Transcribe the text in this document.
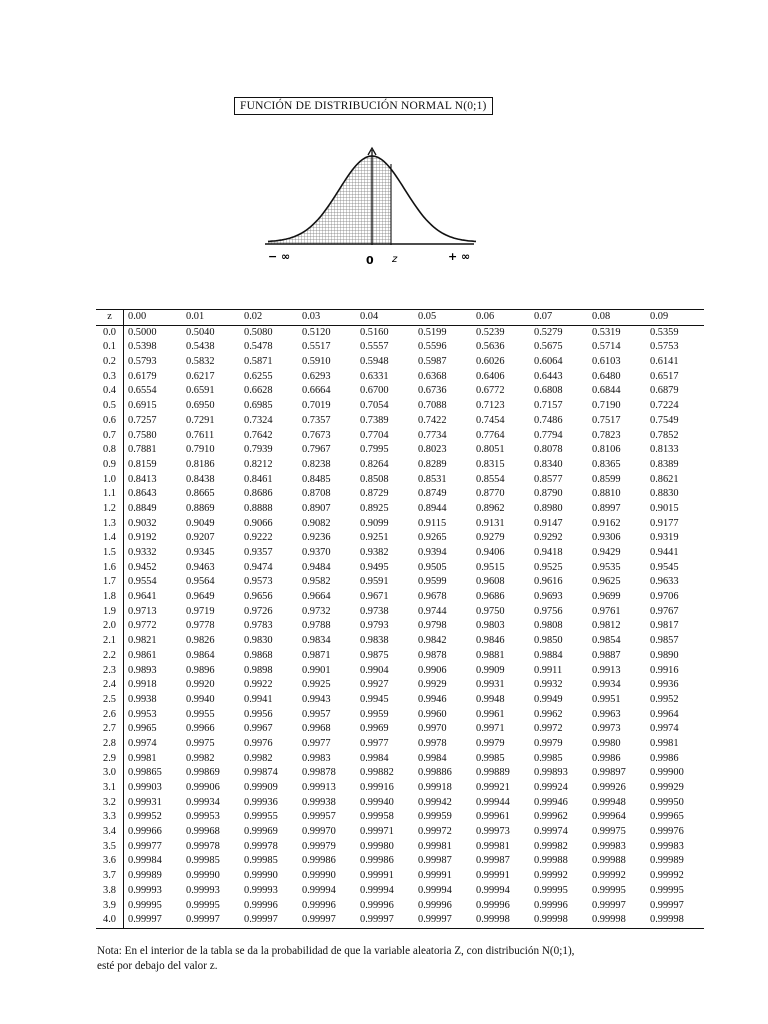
FUNCIÓN DE DISTRIBUCIÓN NORMAL N(0;1)
− ∞	0 z	+ ∞
z	0.00	0.01	0.02	0.03	0.04	0.05	0.06	0.07	0.08	0.09
0.0	0.5000	0.5040	0.5080	0.5120	0.5160	0.5199	0.5239	0.5279	0.5319	0.5359
0.1	0.5398	0.5438	0.5478	0.5517	0.5557	0.5596	0.5636	0.5675	0.5714	0.5753
0.2	0.5793	0.5832	0.5871	0.5910	0.5948	0.5987	0.6026	0.6064	0.6103	0.6141
0.3	0.6179	0.6217	0.6255	0.6293	0.6331	0.6368	0.6406	0.6443	0.6480	0.6517
0.4	0.6554	0.6591	0.6628	0.6664	0.6700	0.6736	0.6772	0.6808	0.6844	0.6879
0.5	0.6915	0.6950	0.6985	0.7019	0.7054	0.7088	0.7123	0.7157	0.7190	0.7224
0.6	0.7257	0.7291	0.7324	0.7357	0.7389	0.7422	0.7454	0.7486	0.7517	0.7549
0.7	0.7580	0.7611	0.7642	0.7673	0.7704	0.7734	0.7764	0.7794	0.7823	0.7852
0.8	0.7881	0.7910	0.7939	0.7967	0.7995	0.8023	0.8051	0.8078	0.8106	0.8133
0.9	0.8159	0.8186	0.8212	0.8238	0.8264	0.8289	0.8315	0.8340	0.8365	0.8389
1.0	0.8413	0.8438	0.8461	0.8485	0.8508	0.8531	0.8554	0.8577	0.8599	0.8621
1.1	0.8643	0.8665	0.8686	0.8708	0.8729	0.8749	0.8770	0.8790	0.8810	0.8830
1.2	0.8849	0.8869	0.8888	0.8907	0.8925	0.8944	0.8962	0.8980	0.8997	0.9015
1.3	0.9032	0.9049	0.9066	0.9082	0.9099	0.9115	0.9131	0.9147	0.9162	0.9177
1.4	0.9192	0.9207	0.9222	0.9236	0.9251	0.9265	0.9279	0.9292	0.9306	0.9319
1.5	0.9332	0.9345	0.9357	0.9370	0.9382	0.9394	0.9406	0.9418	0.9429	0.9441
1.6	0.9452	0.9463	0.9474	0.9484	0.9495	0.9505	0.9515	0.9525	0.9535	0.9545
1.7	0.9554	0.9564	0.9573	0.9582	0.9591	0.9599	0.9608	0.9616	0.9625	0.9633
1.8	0.9641	0.9649	0.9656	0.9664	0.9671	0.9678	0.9686	0.9693	0.9699	0.9706
1.9	0.9713	0.9719	0.9726	0.9732	0.9738	0.9744	0.9750	0.9756	0.9761	0.9767
2.0	0.9772	0.9778	0.9783	0.9788	0.9793	0.9798	0.9803	0.9808	0.9812	0.9817
2.1	0.9821	0.9826	0.9830	0.9834	0.9838	0.9842	0.9846	0.9850	0.9854	0.9857
2.2	0.9861	0.9864	0.9868	0.9871	0.9875	0.9878	0.9881	0.9884	0.9887	0.9890
2.3	0.9893	0.9896	0.9898	0.9901	0.9904	0.9906	0.9909	0.9911	0.9913	0.9916
2.4	0.9918	0.9920	0.9922	0.9925	0.9927	0.9929	0.9931	0.9932	0.9934	0.9936
2.5	0.9938	0.9940	0.9941	0.9943	0.9945	0.9946	0.9948	0.9949	0.9951	0.9952
2.6	0.9953	0.9955	0.9956	0.9957	0.9959	0.9960	0.9961	0.9962	0.9963	0.9964
2.7	0.9965	0.9966	0.9967	0.9968	0.9969	0.9970	0.9971	0.9972	0.9973	0.9974
2.8	0.9974	0.9975	0.9976	0.9977	0.9977	0.9978	0.9979	0.9979	0.9980	0.9981
2.9	0.9981	0.9982	0.9982	0.9983	0.9984	0.9984	0.9985	0.9985	0.9986	0.9986
3.0	0.99865	0.99869	0.99874	0.99878	0.99882	0.99886	0.99889	0.99893	0.99897	0.99900
3.1	0.99903	0.99906	0.99909	0.99913	0.99916	0.99918	0.99921	0.99924	0.99926	0.99929
3.2	0.99931	0.99934	0.99936	0.99938	0.99940	0.99942	0.99944	0.99946	0.99948	0.99950
3.3	0.99952	0.99953	0.99955	0.99957	0.99958	0.99959	0.99961	0.99962	0.99964	0.99965
3.4	0.99966	0.99968	0.99969	0.99970	0.99971	0.99972	0.99973	0.99974	0.99975	0.99976
3.5	0.99977	0.99978	0.99978	0.99979	0.99980	0.99981	0.99981	0.99982	0.99983	0.99983
3.6	0.99984	0.99985	0.99985	0.99986	0.99986	0.99987	0.99987	0.99988	0.99988	0.99989
3.7	0.99989	0.99990	0.99990	0.99990	0.99991	0.99991	0.99991	0.99992	0.99992	0.99992
3.8	0.99993	0.99993	0.99993	0.99994	0.99994	0.99994	0.99994	0.99995	0.99995	0.99995
3.9	0.99995	0.99995	0.99996	0.99996	0.99996	0.99996	0.99996	0.99996	0.99997	0.99997
4.0	0.99997	0.99997	0.99997	0.99997	0.99997	0.99997	0.99998	0.99998	0.99998	0.99998
Nota: En el interior de la tabla se da la probabilidad de que la variable aleatoria Z, con distribución N(0;1),
esté por debajo del valor z.
